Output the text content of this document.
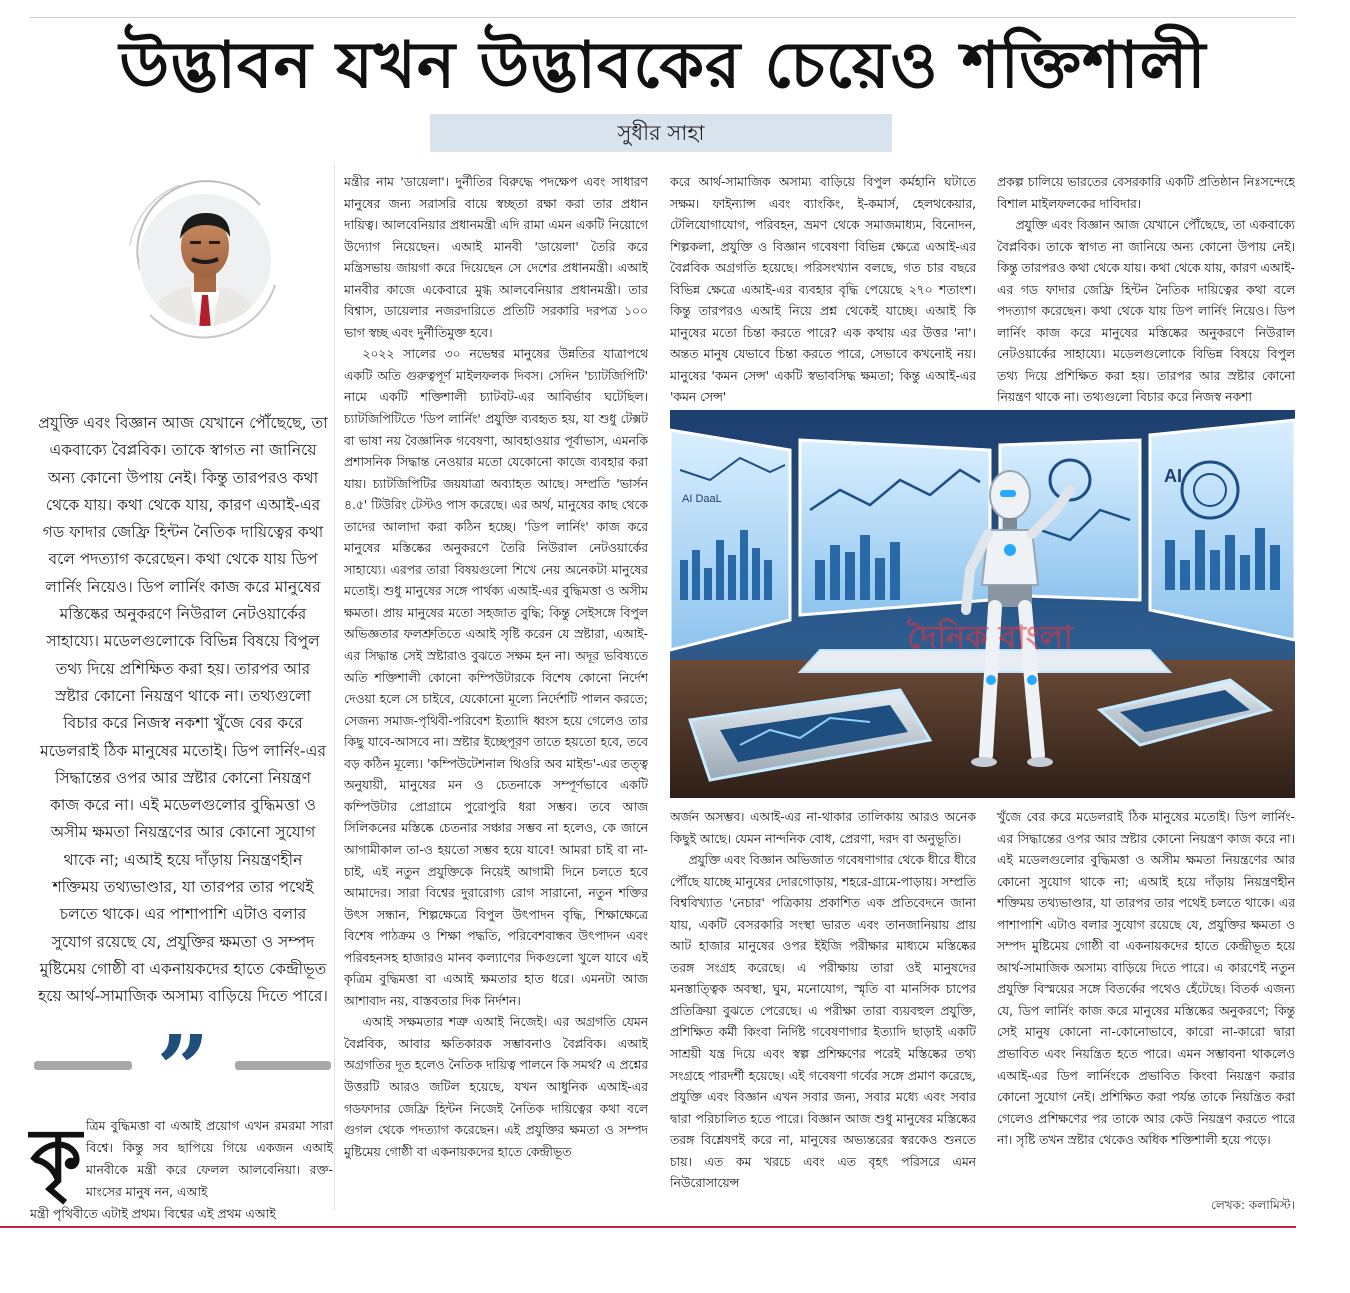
উদ্ভাবন যখন উদ্ভাবকের চেয়েও শক্তিশালী
সুধীর সাহা
প্রযুক্তি এবং বিজ্ঞান আজ যেখানে পৌঁছেছে, তা একবাক্যে বৈপ্লবিক। তাকে স্বাগত না জানিয়ে অন্য কোনো উপায় নেই। কিন্তু তারপরও কথা থেকে যায়। কথা থেকে যায়, কারণ এআই-এর গড ফাদার জেফ্রি হিন্টন নৈতিক দায়িত্বের কথা বলে পদত্যাগ করেছেন। কথা থেকে যায় ডিপ লার্নিং নিয়েও। ডিপ লার্নিং কাজ করে মানুষের মস্তিষ্কের অনুকরণে নিউরাল নেটওয়ার্কের সাহায্যে। মডেলগুলোকে বিভিন্ন বিষয়ে বিপুল তথ্য দিয়ে প্রশিক্ষিত করা হয়। তারপর আর স্রষ্টার কোনো নিয়ন্ত্রণ থাকে না। তথ্যগুলো বিচার করে নিজস্ব নকশা খুঁজে বের করে মডেলরাই ঠিক মানুষের মতোই। ডিপ লার্নিং-এর সিদ্ধান্তের ওপর আর স্রষ্টার কোনো নিয়ন্ত্রণ কাজ করে না। এই মডেলগুলোর বুদ্ধিমত্তা ও অসীম ক্ষমতা নিয়ন্ত্রণের আর কোনো সুযোগ থাকে না; এআই হয়ে দাঁড়ায় নিয়ন্ত্রণহীন শক্তিময় তথ্যভাণ্ডার, যা তারপর তার পথেই চলতে থাকে। এর পাশাপাশি এটাও বলার সুযোগ রয়েছে যে, প্রযুক্তির ক্ষমতা ও সম্পদ মুষ্টিমেয় গোষ্ঠী বা একনায়কদের হাতে কেন্দ্রীভূত হয়ে আর্থ-সামাজিক অসাম্য বাড়িয়ে দিতে পারে।
”
কৃ ত্রিম বুদ্ধিমত্তা বা এআই প্রয়োগ এখন রমরমা সারা বিশ্বে। কিন্তু সব ছাপিয়ে গিয়ে একজন এআই মানবীকে মন্ত্রী করে ফেলল আলবেনিয়া। রক্ত-মাংসের মানুষ নন, এআই
মন্ত্রী পৃথিবীতে এটাই প্রথম। বিশ্বের এই প্রথম এআই

মন্ত্রীর নাম 'ডায়েলা'। দুর্নীতির বিরুদ্ধে পদক্ষেপ এবং সাধারণ মানুষের জন্য সরাসরি বায়ে স্বচ্ছতা রক্ষা করা তার প্রধান দায়িত্ব। আলবেনিয়ার প্রধানমন্ত্রী এদি রামা এমন একটি নিয়োগে উদ্যোগ নিয়েছেন। এআই মানবী 'ডায়েলা' তৈরি করে মন্ত্রিসভায় জায়গা করে দিয়েছেন সে দেশের প্রধানমন্ত্রী। এআই মানবীর কাজে একেবারে মুগ্ধ আলবেনিয়ার প্রধানমন্ত্রী। তার বিশ্বাস, ডায়েলার নজরদারিতে প্রতিটি সরকারি দরপত্র ১০০ ভাগ স্বচ্ছ এবং দুর্নীতিমুক্ত হবে।

২০২২ সালের ৩০ নভেম্বর মানুষের উন্নতির যাত্রাপথে একটি অতি গুরুত্বপূর্ণ মাইলফলক দিবস। সেদিন 'চ্যাটজিপিটি' নামে একটি শক্তিশালী চ্যাটবট-এর আবির্ভাব ঘটেছিল। চ্যাটজিপিটিতে 'ডিপ লার্নিং' প্রযুক্তি ব্যবহৃত হয়, যা শুধু টেক্সট বা ভাষা নয় বৈজ্ঞানিক গবেষণা, আবহাওয়ার পূর্বাভাস, এমনকি প্রশাসনিক সিদ্ধান্ত নেওয়ার মতো যেকোনো কাজে ব্যবহার করা যায়। চ্যাটজিপিটির জয়যাত্রা অব্যাহত আছে। সম্প্রতি 'ভার্সন ৪.৫' টিউরিং টেস্টও পাস করেছে। এর অর্থ, মানুষের কাছ থেকে তাদের আলাদা করা কঠিন হচ্ছে। 'ডিপ লার্নিং' কাজ করে মানুষের মস্তিষ্কের অনুকরণে তৈরি নিউরাল নেটওয়ার্কের সাহায্যে। এরপর তারা বিষয়গুলো শিখে নেয় অনেকটা মানুষের মতোই। শুধু মানুষের সঙ্গে পার্থক্য এআই-এর বুদ্ধিমত্তা ও অসীম ক্ষমতা। প্রায় মানুষের মতো সহজাত বুদ্ধি; কিন্তু সেইসঙ্গে বিপুল অভিজ্ঞতার ফলশ্রুতিতে এআই সৃষ্টি করেন যে স্রষ্টারা, এআই-এর সিদ্ধান্ত সেই স্রষ্টারাও বুঝতে সক্ষম হন না। অদূর ভবিষ্যতে অতি শক্তিশালী কোনো কম্পিউটারকে বিশেষ কোনো নির্দেশ দেওয়া হলে সে চাইবে, যেকোনো মূল্যে নির্দেশটি পালন করতে; সেজন্য সমাজ-পৃথিবী-পরিবেশ ইত্যাদি ধ্বংস হয়ে গেলেও তার কিছু যাবে-আসবে না। স্রষ্টার ইচ্ছেপূরণ তাতে হয়তো হবে, তবে বড় কঠিন মূল্যে। 'কম্পিউটেশনাল থিওরি অব মাইন্ড'-এর তত্ত্ব অনুযায়ী, মানুষের মন ও চেতনাকে সম্পূর্ণভাবে একটি কম্পিউটার প্রোগ্রামে পুরোপুরি ধরা সম্ভব। তবে আজ সিলিকনের মস্তিষ্কে চেতনার সঞ্চার সম্ভব না হলেও, কে জানে আগামীকাল তা-ও হয়তো সম্ভব হয়ে যাবে! আমরা চাই বা না-চাই, এই নতুন প্রযুক্তিকে নিয়েই আগামী দিনে চলতে হবে আমাদের। সারা বিশ্বের দুরারোগ্য রোগ সারানো, নতুন শক্তির উৎস সন্ধান, শিল্পক্ষেত্রে বিপুল উৎপাদন বৃদ্ধি, শিক্ষাক্ষেত্রে বিশেষ পাঠক্রম ও শিক্ষা পদ্ধতি, পরিবেশবান্ধব উৎপাদন এবং পরিবহনসহ হাজারও মানব কল্যাণের দিকগুলো খুলে যাবে এই কৃত্রিম বুদ্ধিমত্তা বা এআই ক্ষমতার হাত ধরে। এমনটা আজ আশাবাদ নয়, বাস্তবতার দিক নির্দশন।

এআই সক্ষমতার শত্রু এআই নিজেই। এর অগ্রগতি যেমন বৈপ্লবিক, আবার ক্ষতিকারক সম্ভাবনাও বৈপ্লবিক। এআই অগ্রগতির দূত হলেও নৈতিক দায়িত্ব পালনে কি সমর্থ? এ প্রশ্নের উত্তরটি আরও জটিল হয়েছে, যখন আধুনিক এআই-এর গডফাদার জেফ্রি হিন্টন নিজেই নৈতিক দায়িত্বের কথা বলে গুগল থেকে পদত্যাগ করেছেন। এই প্রযুক্তির ক্ষমতা ও সম্পদ মুষ্টিমেয় গোষ্ঠী বা একনায়কদের হাতে কেন্দ্রীভূত

করে আর্থ-সামাজিক অসাম্য বাড়িয়ে বিপুল কর্মহানি ঘটাতে সক্ষম। ফাইন্যান্স এবং ব্যাংকিং, ই-কমার্স, হেলথকেয়ার, টেলিযোগাযোগ, পরিবহন, ভ্রমণ থেকে সমাজমাধ্যম, বিনোদন, শিল্পকলা, প্রযুক্তি ও বিজ্ঞান গবেষণা বিভিন্ন ক্ষেত্রে এআই-এর বৈপ্লবিক অগ্রগতি হয়েছে। পরিসংখ্যান বলছে, গত চার বছরে বিভিন্ন ক্ষেত্রে এআই-এর ব্যবহার বৃদ্ধি পেয়েছে ২৭০ শতাংশ। কিন্তু তারপরও এআই নিয়ে প্রশ্ন থেকেই যাচ্ছে। এআই কি মানুষের মতো চিন্তা করতে পারে? এক কথায় এর উত্তর 'না'। অন্তত মানুষ যেভাবে চিন্তা করতে পারে, সেভাবে কখনোই নয়। মানুষের 'কমন সেন্স' একটি স্বভাবসিদ্ধ ক্ষমতা; কিন্তু এআই-এর 'কমন সেন্স'

প্রকল্প চালিয়ে ভারতের বেসরকারি একটি প্রতিষ্ঠান নিঃসন্দেহে বিশাল মাইলফলকের দাবিদার।

প্রযুক্তি এবং বিজ্ঞান আজ যেখানে পৌঁছেছে, তা একবাক্যে বৈপ্লবিক। তাকে স্বাগত না জানিয়ে অন্য কোনো উপায় নেই। কিন্তু তারপরও কথা থেকে যায়। কথা থেকে যায়, কারণ এআই-এর গড ফাদার জেফ্রি হিন্টন নৈতিক দায়িত্বের কথা বলে পদত্যাগ করেছেন। কথা থেকে যায় ডিপ লার্নিং নিয়েও। ডিপ লার্নিং কাজ করে মানুষের মস্তিষ্কের অনুকরণে নিউরাল নেটওয়ার্কের সাহায্যে। মডেলগুলোকে বিভিন্ন বিষয়ে বিপুল তথ্য দিয়ে প্রশিক্ষিত করা হয়। তারপর আর স্রষ্টার কোনো নিয়ন্ত্রণ থাকে না। তথ্যগুলো বিচার করে নিজস্ব নকশা

AI DaaL
AI
দৈনিক বাংলা

অর্জন অসম্ভব। এআই-এর না-থাকার তালিকায় আরও অনেক কিছুই আছে। যেমন নান্দনিক বোধ, প্রেরণা, দরদ বা অনুভূতি।

প্রযুক্তি এবং বিজ্ঞান অভিজাত গবেষণাগার থেকে ধীরে ধীরে পৌঁছে যাচ্ছে মানুষের দোরগোড়ায়, শহরে-গ্রামে-পাড়ায়। সম্প্রতি বিশ্ববিখ্যাত 'নেচার' পত্রিকায় প্রকাশিত এক প্রতিবেদনে জানা যায়, একটি বেসরকারি সংস্থা ভারত এবং তানজানিয়ায় প্রায় আট হাজার মানুষের ওপর ইইজি পরীক্ষার মাধ্যমে মস্তিষ্কের তরঙ্গ সংগ্রহ করেছে। এ পরীক্ষায় তারা ওই মানুষদের মনস্তাত্ত্বিক অবস্থা, ঘুম, মনোযোগ, স্মৃতি বা মানসিক চাপের প্রতিক্রিয়া বুঝতে পেরেছে। এ পরীক্ষা তারা ব্যয়বহুল প্রযুক্তি, প্রশিক্ষিত কর্মী কিংবা নির্দিষ্ট গবেষণাগার ইত্যাদি ছাড়াই একটি সাশ্রয়ী যন্ত্র দিয়ে এবং স্বল্প প্রশিক্ষণের পরেই মস্তিষ্কের তথ্য সংগ্রহে পারদর্শী হয়েছে। এই গবেষণা গর্বের সঙ্গে প্রমাণ করেছে, প্রযুক্তি এবং বিজ্ঞান এখন সবার জন্য, সবার মধ্যে এবং সবার দ্বারা পরিচালিত হতে পারে। বিজ্ঞান আজ শুধু মানুষের মস্তিষ্কের তরঙ্গ বিশ্লেষণই করে না, মানুষের অভ্যন্তরের স্বরকেও শুনতে চায়। এত কম খরচে এবং এত বৃহৎ পরিসরে এমন নিউরোসায়েন্স

খুঁজে বের করে মডেলরাই ঠিক মানুষের মতোই। ডিপ লার্নিং-এর সিদ্ধান্তের ওপর আর স্রষ্টার কোনো নিয়ন্ত্রণ কাজ করে না। এই মডেলগুলোর বুদ্ধিমত্তা ও অসীম ক্ষমতা নিয়ন্ত্রণের আর কোনো সুযোগ থাকে না; এআই হয়ে দাঁড়ায় নিয়ন্ত্রণহীন শক্তিময় তথ্যভাণ্ডার, যা তারপর তার পথেই চলতে থাকে। এর পাশাপাশি এটাও বলার সুযোগ রয়েছে যে, প্রযুক্তির ক্ষমতা ও সম্পদ মুষ্টিমেয় গোষ্ঠী বা একনায়কদের হাতে কেন্দ্রীভূত হয়ে আর্থ-সামাজিক অসাম্য বাড়িয়ে দিতে পারে। এ কারণেই নতুন প্রযুক্তি বিস্ময়ের সঙ্গে বিতর্কের পথেও হেঁটেছে। বিতর্ক এজন্য যে, ডিপ লার্নিং কাজ করে মানুষের মস্তিষ্কের অনুকরণে; কিন্তু সেই মানুষ কোনো না-কোনোভাবে, কারো না-কারো দ্বারা প্রভাবিত এবং নিয়ন্ত্রিত হতে পারে। এমন সম্ভাবনা থাকলেও এআই-এর ডিপ লার্নিংকে প্রভাবিত কিংবা নিয়ন্ত্রণ করার কোনো সুযোগ নেই। প্রশিক্ষিত করা পর্যন্ত তাকে নিয়ন্ত্রিত করা গেলেও প্রশিক্ষণের পর তাকে আর কেউ নিয়ন্ত্রণ করতে পারে না। সৃষ্টি তখন স্রষ্টার থেকেও অধিক শক্তিশালী হয়ে পড়ে।

লেখক: কলামিস্ট।
